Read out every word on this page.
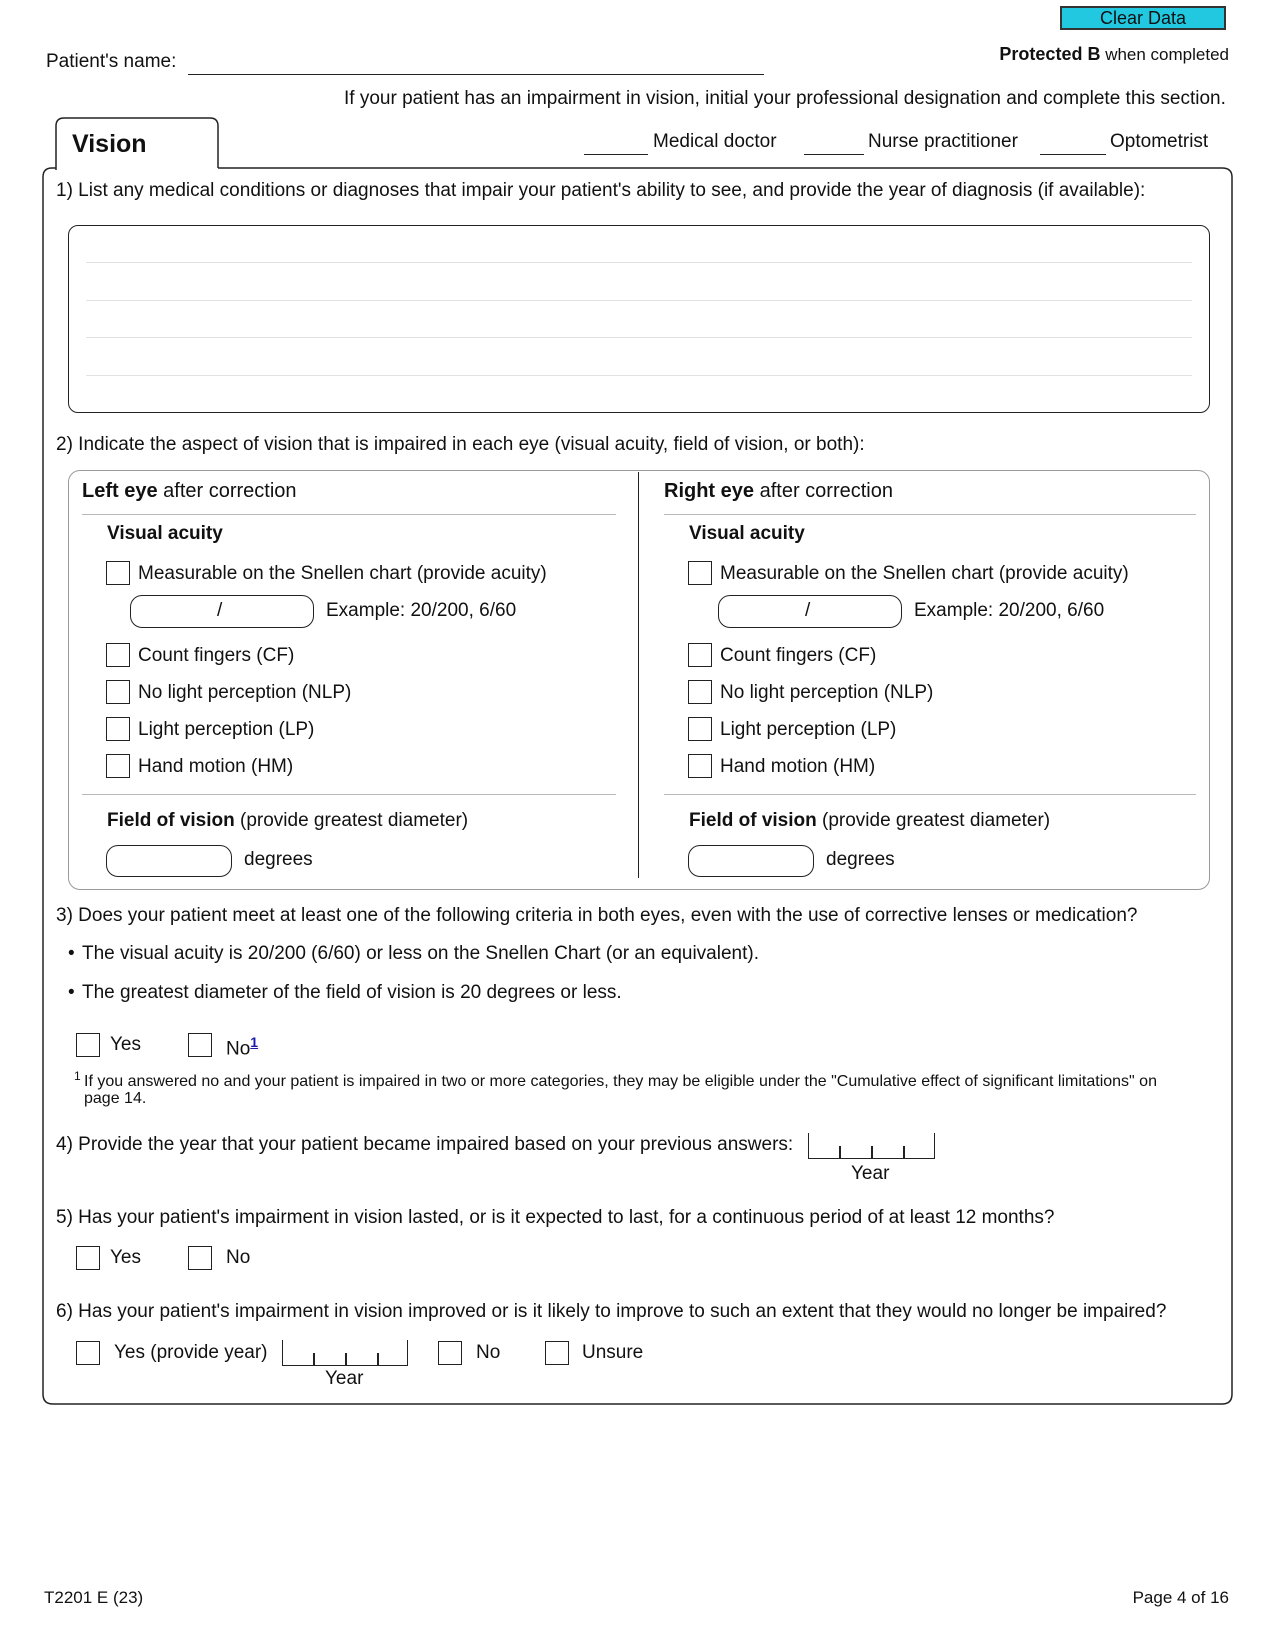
Clear Data
Patient's name:	Protected B when completed
If your patient has an impairment in vision, initial your professional designation and complete this section.
Vision	Medical doctor	Nurse practitioner	Optometrist
1) List any medical conditions or diagnoses that impair your patient's ability to see, and provide the year of diagnosis (if available):
2) Indicate the aspect of vision that is impaired in each eye (visual acuity, field of vision, or both):
Left eye after correction
Visual acuity
Measurable on the Snellen chart (provide acuity)
/	Example: 20/200, 6/60
Count fingers (CF)
No light perception (NLP)
Light perception (LP)
Hand motion (HM)
Field of vision (provide greatest diameter)
degrees
Right eye after correction
Visual acuity
Measurable on the Snellen chart (provide acuity)
/	Example: 20/200, 6/60
Count fingers (CF)
No light perception (NLP)
Light perception (LP)
Hand motion (HM)
Field of vision (provide greatest diameter)
degrees
3) Does your patient meet at least one of the following criteria in both eyes, even with the use of corrective lenses or medication?
• The visual acuity is 20/200 (6/60) or less on the Snellen Chart (or an equivalent).
• The greatest diameter of the field of vision is 20 degrees or less.
Yes	No$^1$
1 If you answered no and your patient is impaired in two or more categories, they may be eligible under the "Cumulative effect of significant limitations" on
page 14.
4) Provide the year that your patient became impaired based on your previous answers:
Year
5) Has your patient's impairment in vision lasted, or is it expected to last, for a continuous period of at least 12 months?
Yes	No
6) Has your patient's impairment in vision improved or is it likely to improve to such an extent that they would no longer be impaired?
Yes (provide year)
Year
No	Unsure
T2201 E (23)	Page 4 of 16
